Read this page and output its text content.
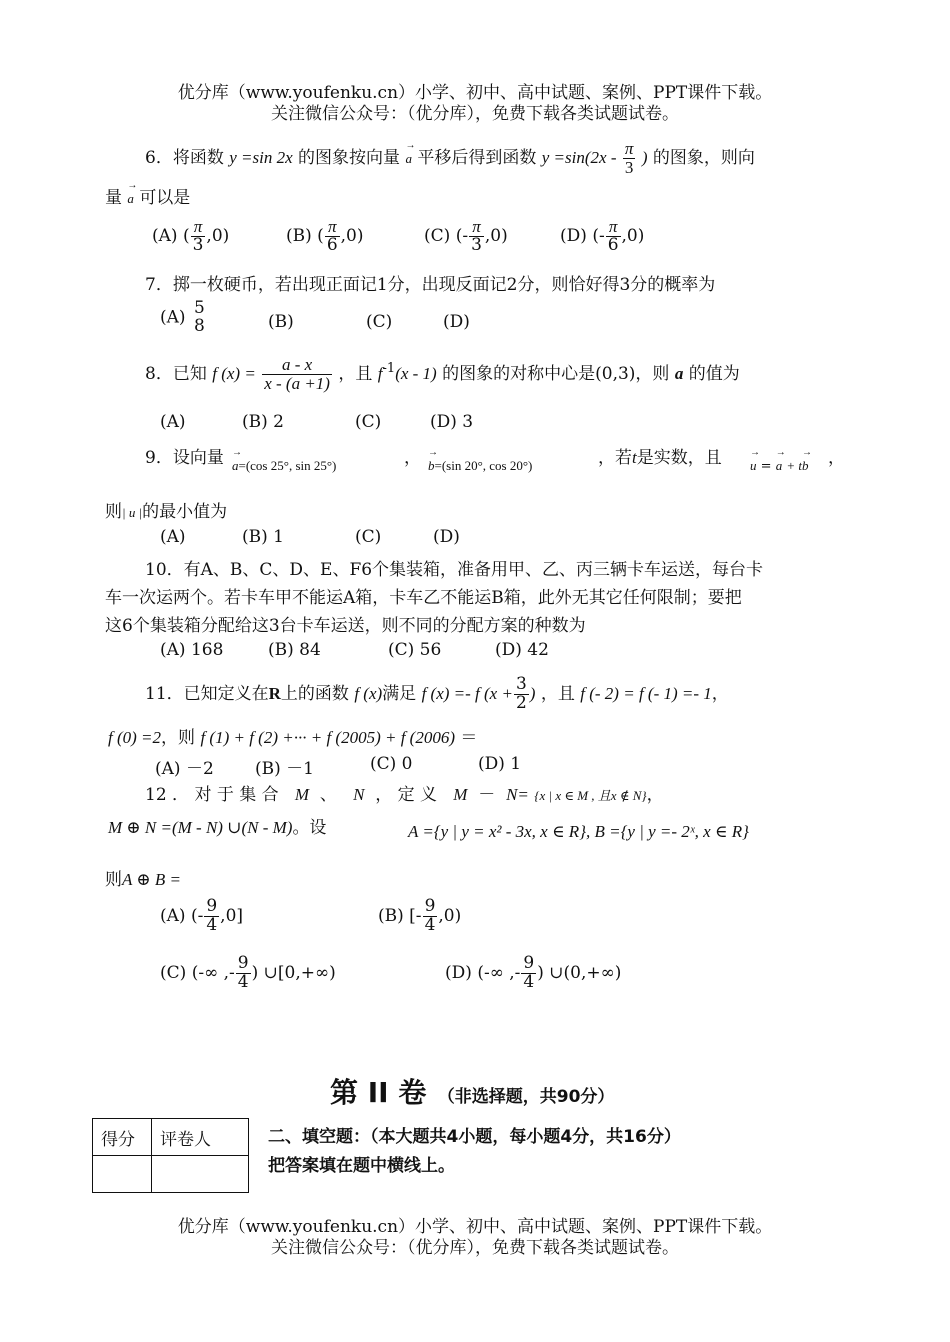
优分库（www.youfenku.cn）小学、初中、高中试题、案例、PPT课件下载。
关注微信公众号：（优分库），免费下载各类试题试卷。
6．将函数 y =sin 2x 的图象按向量 → a 平移后得到函数 $y =\sin(2x - \frac{\pi}{3}$ ) 的图象，则向
量 → a 可以是
(A) ( $\frac{\pi}{3} ,0$)	(B) ( $\frac{\pi}{6} ,0$)	(C) (- $\frac{\pi}{3} ,0$)	(D) (- $\frac{\pi}{6} ,0$)
7．掷一枚硬币，若出现正面记1分，出现反面记2分，则恰好得3分的概率为
(A) 5
8	(B)	(C)	(D)
8．已知 f $(x) = \frac{a - x}{x - (a +1)}$ ，且 $f^{-1}(x - 1)$ 的图象的对称中心是(0,3)，则 a 的值为
(A)	(B) 2	(C)	(D) 3
9．设向量 → a=(cos 25°, sin 25°)	， → b=(sin 20°, cos 20°)	，若t是实数，且 → u = → a + t→ b ，
则| u |的最小值为
(A)	(B) 1	(C)	(D)
10．有A、B、C、D、E、F6个集装箱，准备用甲、乙、丙三辆卡车运送，每台卡
车一次运两个。若卡车甲不能运A箱，卡车乙不能运B箱，此外无其它任何限制；要把
这6个集装箱分配给这3台卡车运送，则不同的分配方案的种数为
(A) 168	(B) 84	(C) 56	(D) 42
11．已知定义在R上的函数 f (x)满足 f (x) =- f ($x + \frac{3}{2}$ ) ，且 f (- 2) = f (- 1) =- 1，
f (0) =2，则 f (1) + f (2) +··· + f (2005) + f (2006) ＝
(A) －2 (B) －1	(C) 0	(D) 1
12 ． 对 于 集 合 M 、 N ， 定 义 M － N= {x | x ∈ M , 且x ∉ N}，
M ⊕ N =(M - N) ∪(N - M)。设	A ={y | y = x² - 3x, x ∈ R}, B ={y | y =- 2ˣ, x ∈ R}
则A ⊕ B =
(A) (- $\frac{9}{4} ,0$]	(B) [- $\frac{9}{4} ,0$)
(C) (-∞ ,- $\frac{9}{4}$ ) ∪[0,+∞)	(D) (-∞ ,- $\frac{9}{4}$ ) ∪(0,+∞)
第 II 卷 （非选择题，共90分）
得分	评卷人
		二、填空题：（本大题共4小题，每小题4分，共16分）
把答案填在题中横线上。
优分库（www.youfenku.cn）小学、初中、高中试题、案例、PPT课件下载。
关注微信公众号：（优分库），免费下载各类试题试卷。
